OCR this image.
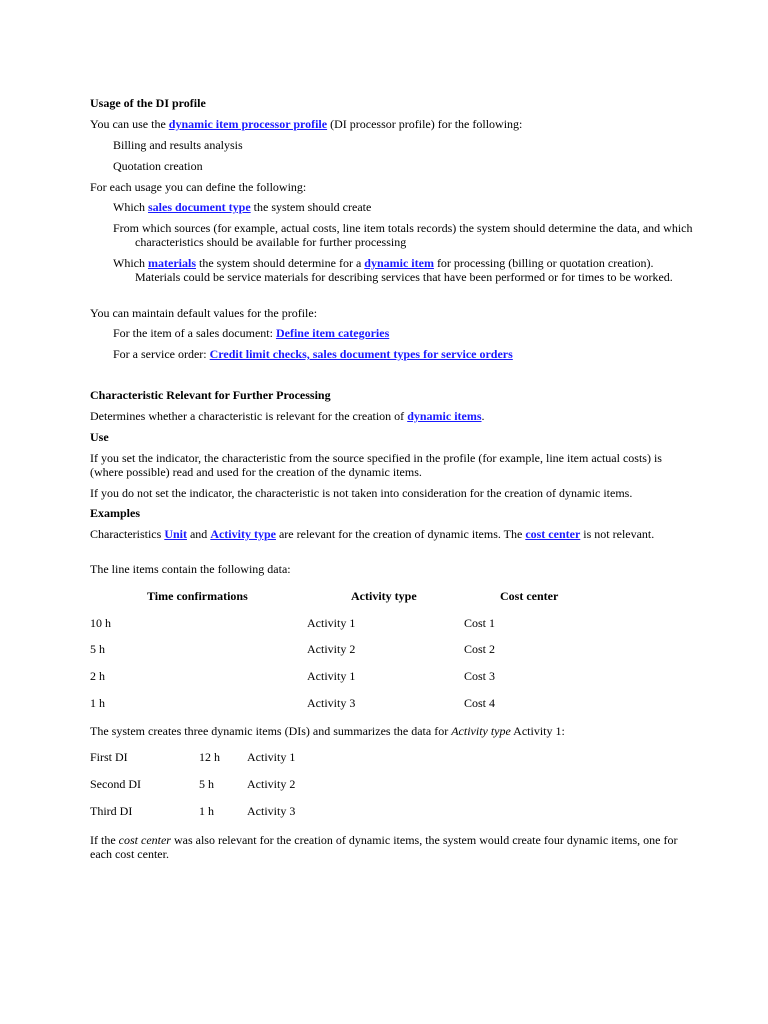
Usage of the DI profile
You can use the dynamic item processor profile (DI processor profile) for the following:
Billing and results analysis
Quotation creation
For each usage you can define the following:
Which sales document type the system should create
From which sources (for example, actual costs, line item totals records) the system should determine the data, and which characteristics should be available for further processing
Which materials the system should determine for a dynamic item for processing (billing or quotation creation). Materials could be service materials for describing services that have been performed or for times to be worked.
You can maintain default values for the profile:
For the item of a sales document: Define item categories
For a service order: Credit limit checks, sales document types for service orders
Characteristic Relevant for Further Processing
Determines whether a characteristic is relevant for the creation of dynamic items.
Use
If you set the indicator, the characteristic from the source specified in the profile (for example, line item actual costs) is (where possible) read and used for the creation of the dynamic items.
If you do not set the indicator, the characteristic is not taken into consideration for the creation of dynamic items.
Examples
Characteristics Unit and Activity type are relevant for the creation of dynamic items. The cost center is not relevant.
The line items contain the following data:
Time confirmations	Activity type	Cost center
10 h	Activity 1	Cost 1
5 h	Activity 2	Cost 2
2 h	Activity 1	Cost 3
1 h	Activity 3	Cost 4
The system creates three dynamic items (DIs) and summarizes the data for Activity type Activity 1:
First DI	12 h Activity 1
Second DI	5 h	Activity 2
Third DI	1 h	Activity 3
If the cost center was also relevant for the creation of dynamic items, the system would create four dynamic items, one for each cost center.
